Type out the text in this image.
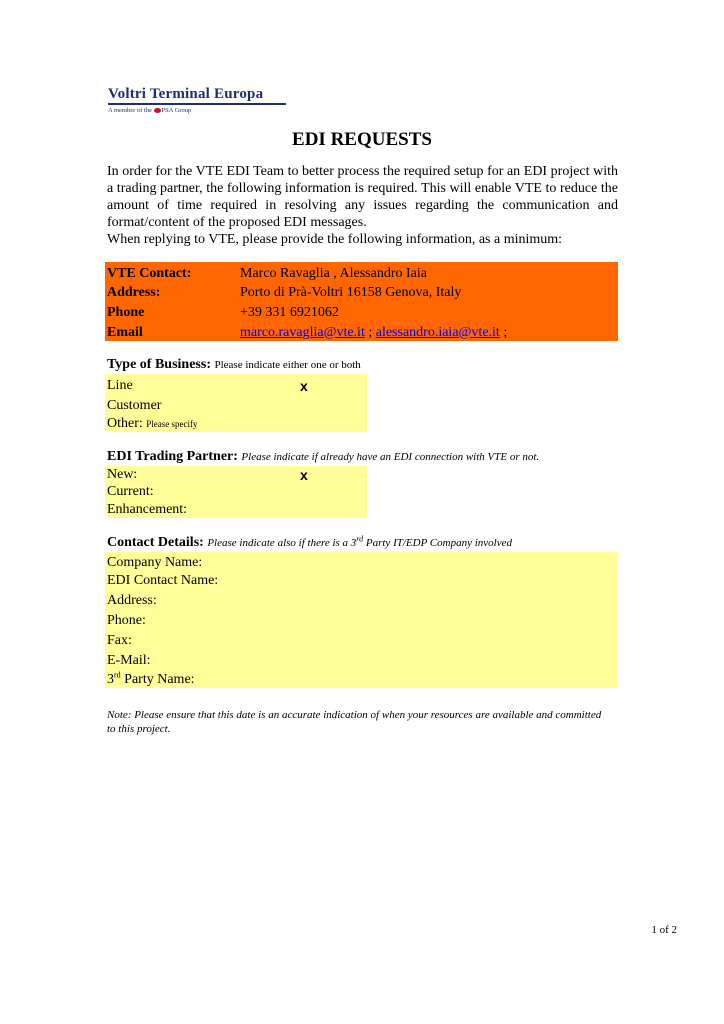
Voltri Terminal Europa
A member of the PSA Group
EDI REQUESTS

In order for the VTE EDI Team to better process the required setup for an EDI project with a trading partner, the following information is required. This will enable VTE to reduce the amount of time required in resolving any issues regarding the communication and format/content of the proposed EDI messages.

When replying to VTE, please provide the following information, as a minimum:

VTE Contact:	Marco Ravaglia , Alessandro Iaia
Address:	Porto di Prà-Voltri 16158 Genova, Italy
Phone	+39 331 6921062
Email	marco.ravaglia@vte.it ; alessandro.iaia@vte.it ;
Type of Business: Please indicate either one or both
Line	x
Customer
Other: Please specify
EDI Trading Partner: Please indicate if already have an EDI connection with VTE or not.
New:	x
Current:
Enhancement:
Contact Details: Please indicate also if there is a 3rd Party IT/EDP Company involved
Company Name:
EDI Contact Name:
Address:
Phone:
Fax:
E-Mail:
3rd Party Name:
Note: Please ensure that this date is an accurate indication of when your resources are available and committed to this project.
1 of 2
